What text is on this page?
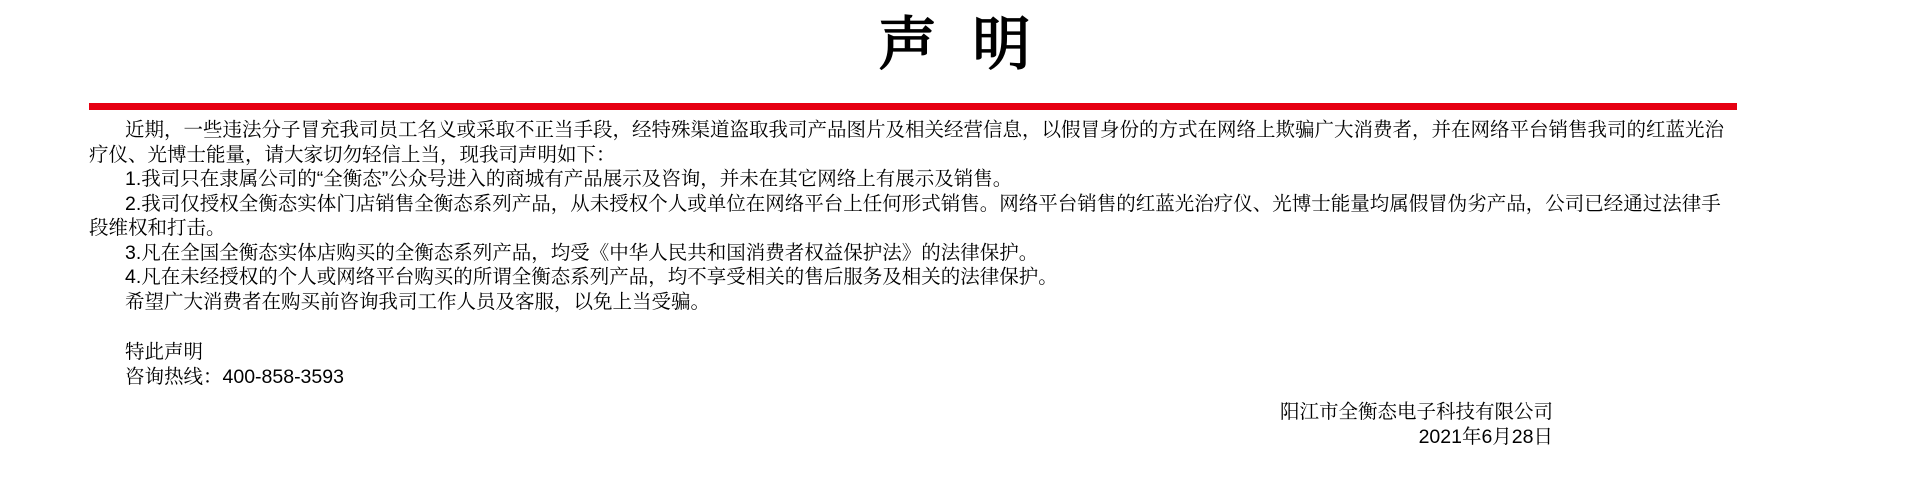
声 明
近期，一些违法分子冒充我司员工名义或采取不正当手段，经特殊渠道盗取我司产品图片及相关经营信息，以假冒身份的方式在网络上欺骗广大消费者，并在网络平台销售我司的红蓝光治
疗仪、光博士能量，请大家切勿轻信上当，现我司声明如下：
1.我司只在隶属公司的“全衡态”公众号进入的商城有产品展示及咨询，并未在其它网络上有展示及销售。
2.我司仅授权全衡态实体门店销售全衡态系列产品，从未授权个人或单位在网络平台上任何形式销售。网络平台销售的红蓝光治疗仪、光博士能量均属假冒伪劣产品，公司已经通过法律手
段维权和打击。
3.凡在全国全衡态实体店购买的全衡态系列产品，均受《中华人民共和国消费者权益保护法》的法律保护。
4.凡在未经授权的个人或网络平台购买的所谓全衡态系列产品，均不享受相关的售后服务及相关的法律保护。
希望广大消费者在购买前咨询我司工作人员及客服，以免上当受骗。
特此声明
咨询热线：400-858-3593
阳江市全衡态电子科技有限公司
2021年6月28日
